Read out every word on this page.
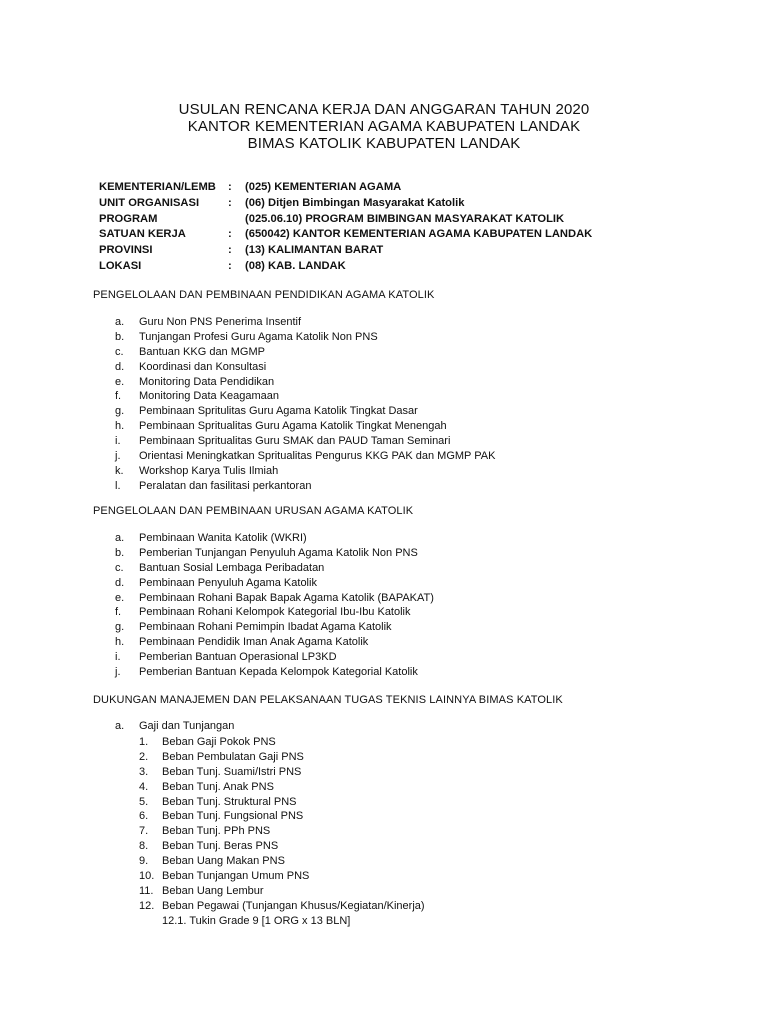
USULAN RENCANA KERJA DAN ANGGARAN TAHUN 2020
KANTOR KEMENTERIAN AGAMA KABUPATEN LANDAK
BIMAS KATOLIK KABUPATEN LANDAK
KEMENTERIAN/LEMB : (025) KEMENTERIAN AGAMA
UNIT ORGANISASI	: (06) Ditjen Bimbingan Masyarakat Katolik
PROGRAM	(025.06.10) PROGRAM BIMBINGAN MASYARAKAT KATOLIK
SATUAN KERJA	: (650042) KANTOR KEMENTERIAN AGAMA KABUPATEN LANDAK
PROVINSI	: (13) KALIMANTAN BARAT
LOKASI	: (08) KAB. LANDAK
PENGELOLAAN DAN PEMBINAAN PENDIDIKAN AGAMA KATOLIK
a. Guru Non PNS Penerima Insentif
b. Tunjangan Profesi Guru Agama Katolik Non PNS
c. Bantuan KKG dan MGMP
d. Koordinasi dan Konsultasi
e. Monitoring Data Pendidikan
f. Monitoring Data Keagamaan
g. Pembinaan Spritulitas Guru Agama Katolik Tingkat Dasar
h. Pembinaan Spritualitas Guru Agama Katolik Tingkat Menengah
i. Pembinaan Spritualitas Guru SMAK dan PAUD Taman Seminari
j. Orientasi Meningkatkan Spritualitas Pengurus KKG PAK dan MGMP PAK
k. Workshop Karya Tulis Ilmiah
l. Peralatan dan fasilitasi perkantoran
PENGELOLAAN DAN PEMBINAAN URUSAN AGAMA KATOLIK
a. Pembinaan Wanita Katolik (WKRI)
b. Pemberian Tunjangan Penyuluh Agama Katolik Non PNS
c. Bantuan Sosial Lembaga Peribadatan
d. Pembinaan Penyuluh Agama Katolik
e. Pembinaan Rohani Bapak Bapak Agama Katolik (BAPAKAT)
f. Pembinaan Rohani Kelompok Kategorial Ibu-Ibu Katolik
g. Pembinaan Rohani Pemimpin Ibadat Agama Katolik
h. Pembinaan Pendidik Iman Anak Agama Katolik
i. Pemberian Bantuan Operasional LP3KD
j. Pemberian Bantuan Kepada Kelompok Kategorial Katolik
DUKUNGAN MANAJEMEN DAN PELAKSANAAN TUGAS TEKNIS LAINNYA BIMAS KATOLIK
a. Gaji dan Tunjangan
1. Beban Gaji Pokok PNS
2. Beban Pembulatan Gaji PNS
3. Beban Tunj. Suami/Istri PNS
4. Beban Tunj. Anak PNS
5. Beban Tunj. Struktural PNS
6. Beban Tunj. Fungsional PNS
7. Beban Tunj. PPh PNS
8. Beban Tunj. Beras PNS
9. Beban Uang Makan PNS
10. Beban Tunjangan Umum PNS
11. Beban Uang Lembur
12. Beban Pegawai (Tunjangan Khusus/Kegiatan/Kinerja)
12.1. Tukin Grade 9 [1 ORG x 13 BLN]
